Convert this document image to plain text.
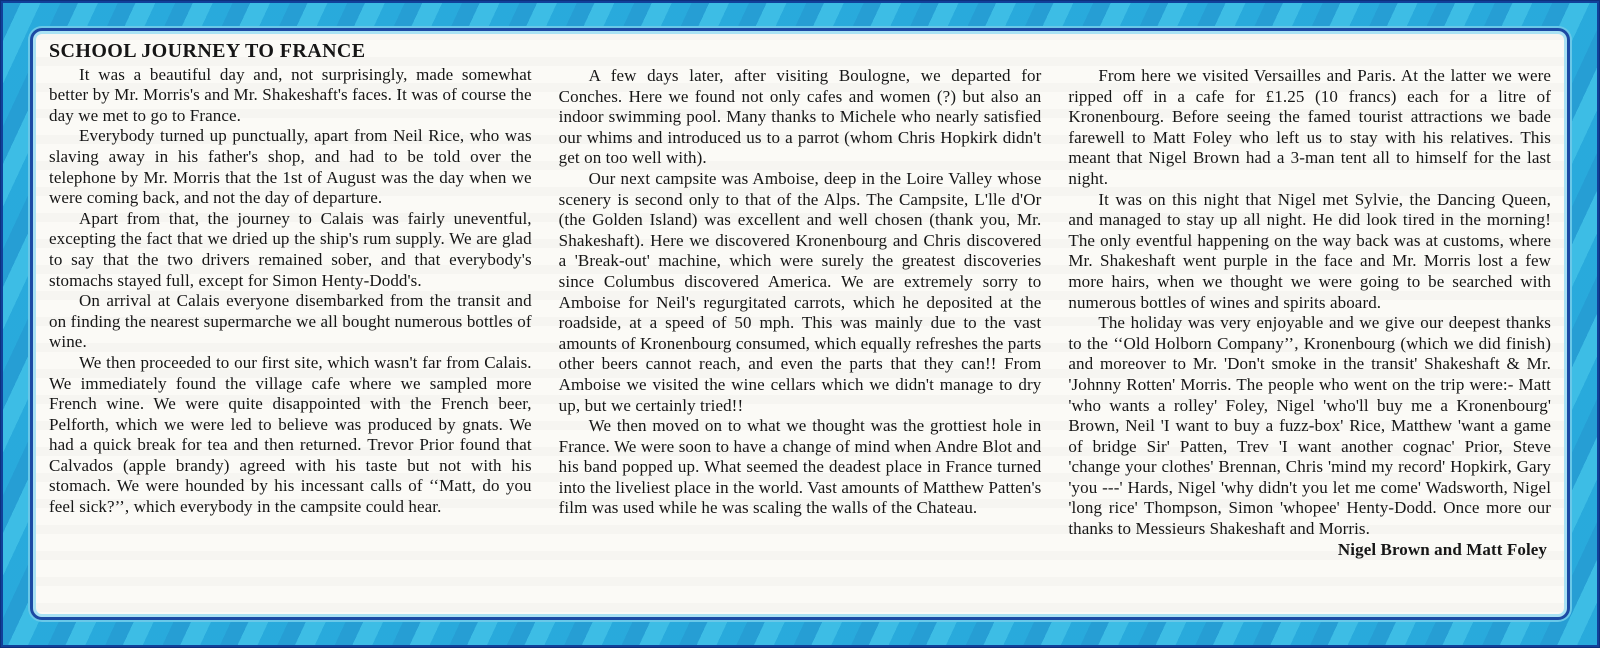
SCHOOL JOURNEY TO FRANCE

It was a beautiful day and, not surprisingly, made somewhat better by Mr. Morris's and Mr. Shakeshaft's faces. It was of course the day we met to go to France.

Everybody turned up punctually, apart from Neil Rice, who was slaving away in his father's shop, and had to be told over the telephone by Mr. Morris that the 1st of August was the day when we were coming back, and not the day of departure.

Apart from that, the journey to Calais was fairly uneventful, excepting the fact that we dried up the ship's rum supply. We are glad to say that the two drivers remained sober, and that everybody's stomachs stayed full, except for Simon Henty-Dodd's.

On arrival at Calais everyone disembarked from the transit and on finding the nearest supermarche we all bought numerous bottles of wine.

We then proceeded to our first site, which wasn't far from Calais. We immediately found the village cafe where we sampled more French wine. We were quite disappointed with the French beer, Pelforth, which we were led to believe was produced by gnats. We had a quick break for tea and then returned. Trevor Prior found that Calvados (apple brandy) agreed with his taste but not with his stomach. We were hounded by his incessant calls of ‘‘Matt, do you feel sick?’’, which everybody in the campsite could hear.

A few days later, after visiting Boulogne, we departed for Conches. Here we found not only cafes and women (?) but also an indoor swimming pool. Many thanks to Michele who nearly satisfied our whims and introduced us to a parrot (whom Chris Hopkirk didn't get on too well with).

Our next campsite was Amboise, deep in the Loire Valley whose scenery is second only to that of the Alps. The Campsite, L'lle d'Or (the Golden Island) was excellent and well chosen (thank you, Mr. Shakeshaft). Here we discovered Kronenbourg and Chris discovered a 'Break-out' machine, which were surely the greatest discoveries since Columbus discovered America. We are extremely sorry to Amboise for Neil's regurgitated carrots, which he deposited at the roadside, at a speed of 50 mph. This was mainly due to the vast amounts of Kronenbourg consumed, which equally refreshes the parts other beers cannot reach, and even the parts that they can!! From Amboise we visited the wine cellars which we didn't manage to dry up, but we certainly tried!!

We then moved on to what we thought was the grottiest hole in France. We were soon to have a change of mind when Andre Blot and his band popped up. What seemed the deadest place in France turned into the liveliest place in the world. Vast amounts of Matthew Patten's film was used while he was scaling the walls of the Chateau.

From here we visited Versailles and Paris. At the latter we were ripped off in a cafe for £1.25 (10 francs) each for a litre of Kronenbourg. Before seeing the famed tourist attractions we bade farewell to Matt Foley who left us to stay with his relatives. This meant that Nigel Brown had a 3-man tent all to himself for the last night.

It was on this night that Nigel met Sylvie, the Dancing Queen, and managed to stay up all night. He did look tired in the morning! The only eventful happening on the way back was at customs, where Mr. Shakeshaft went purple in the face and Mr. Morris lost a few more hairs, when we thought we were going to be searched with numerous bottles of wines and spirits aboard.

The holiday was very enjoyable and we give our deepest thanks to the ‘‘Old Holborn Company’’, Kronenbourg (which we did finish) and moreover to Mr. 'Don't smoke in the transit' Shakeshaft & Mr. 'Johnny Rotten' Morris. The people who went on the trip were:- Matt 'who wants a rolley' Foley, Nigel 'who'll buy me a Kronenbourg' Brown, Neil 'I want to buy a fuzz-box' Rice, Matthew 'want a game of bridge Sir' Patten, Trev 'I want another cognac' Prior, Steve 'change your clothes' Brennan, Chris 'mind my record' Hopkirk, Gary 'you ---' Hards, Nigel 'why didn't you let me come' Wadsworth, Nigel 'long rice' Thompson, Simon 'whopee' Henty-Dodd. Once more our thanks to Messieurs Shakeshaft and Morris.

Nigel Brown and Matt Foley
